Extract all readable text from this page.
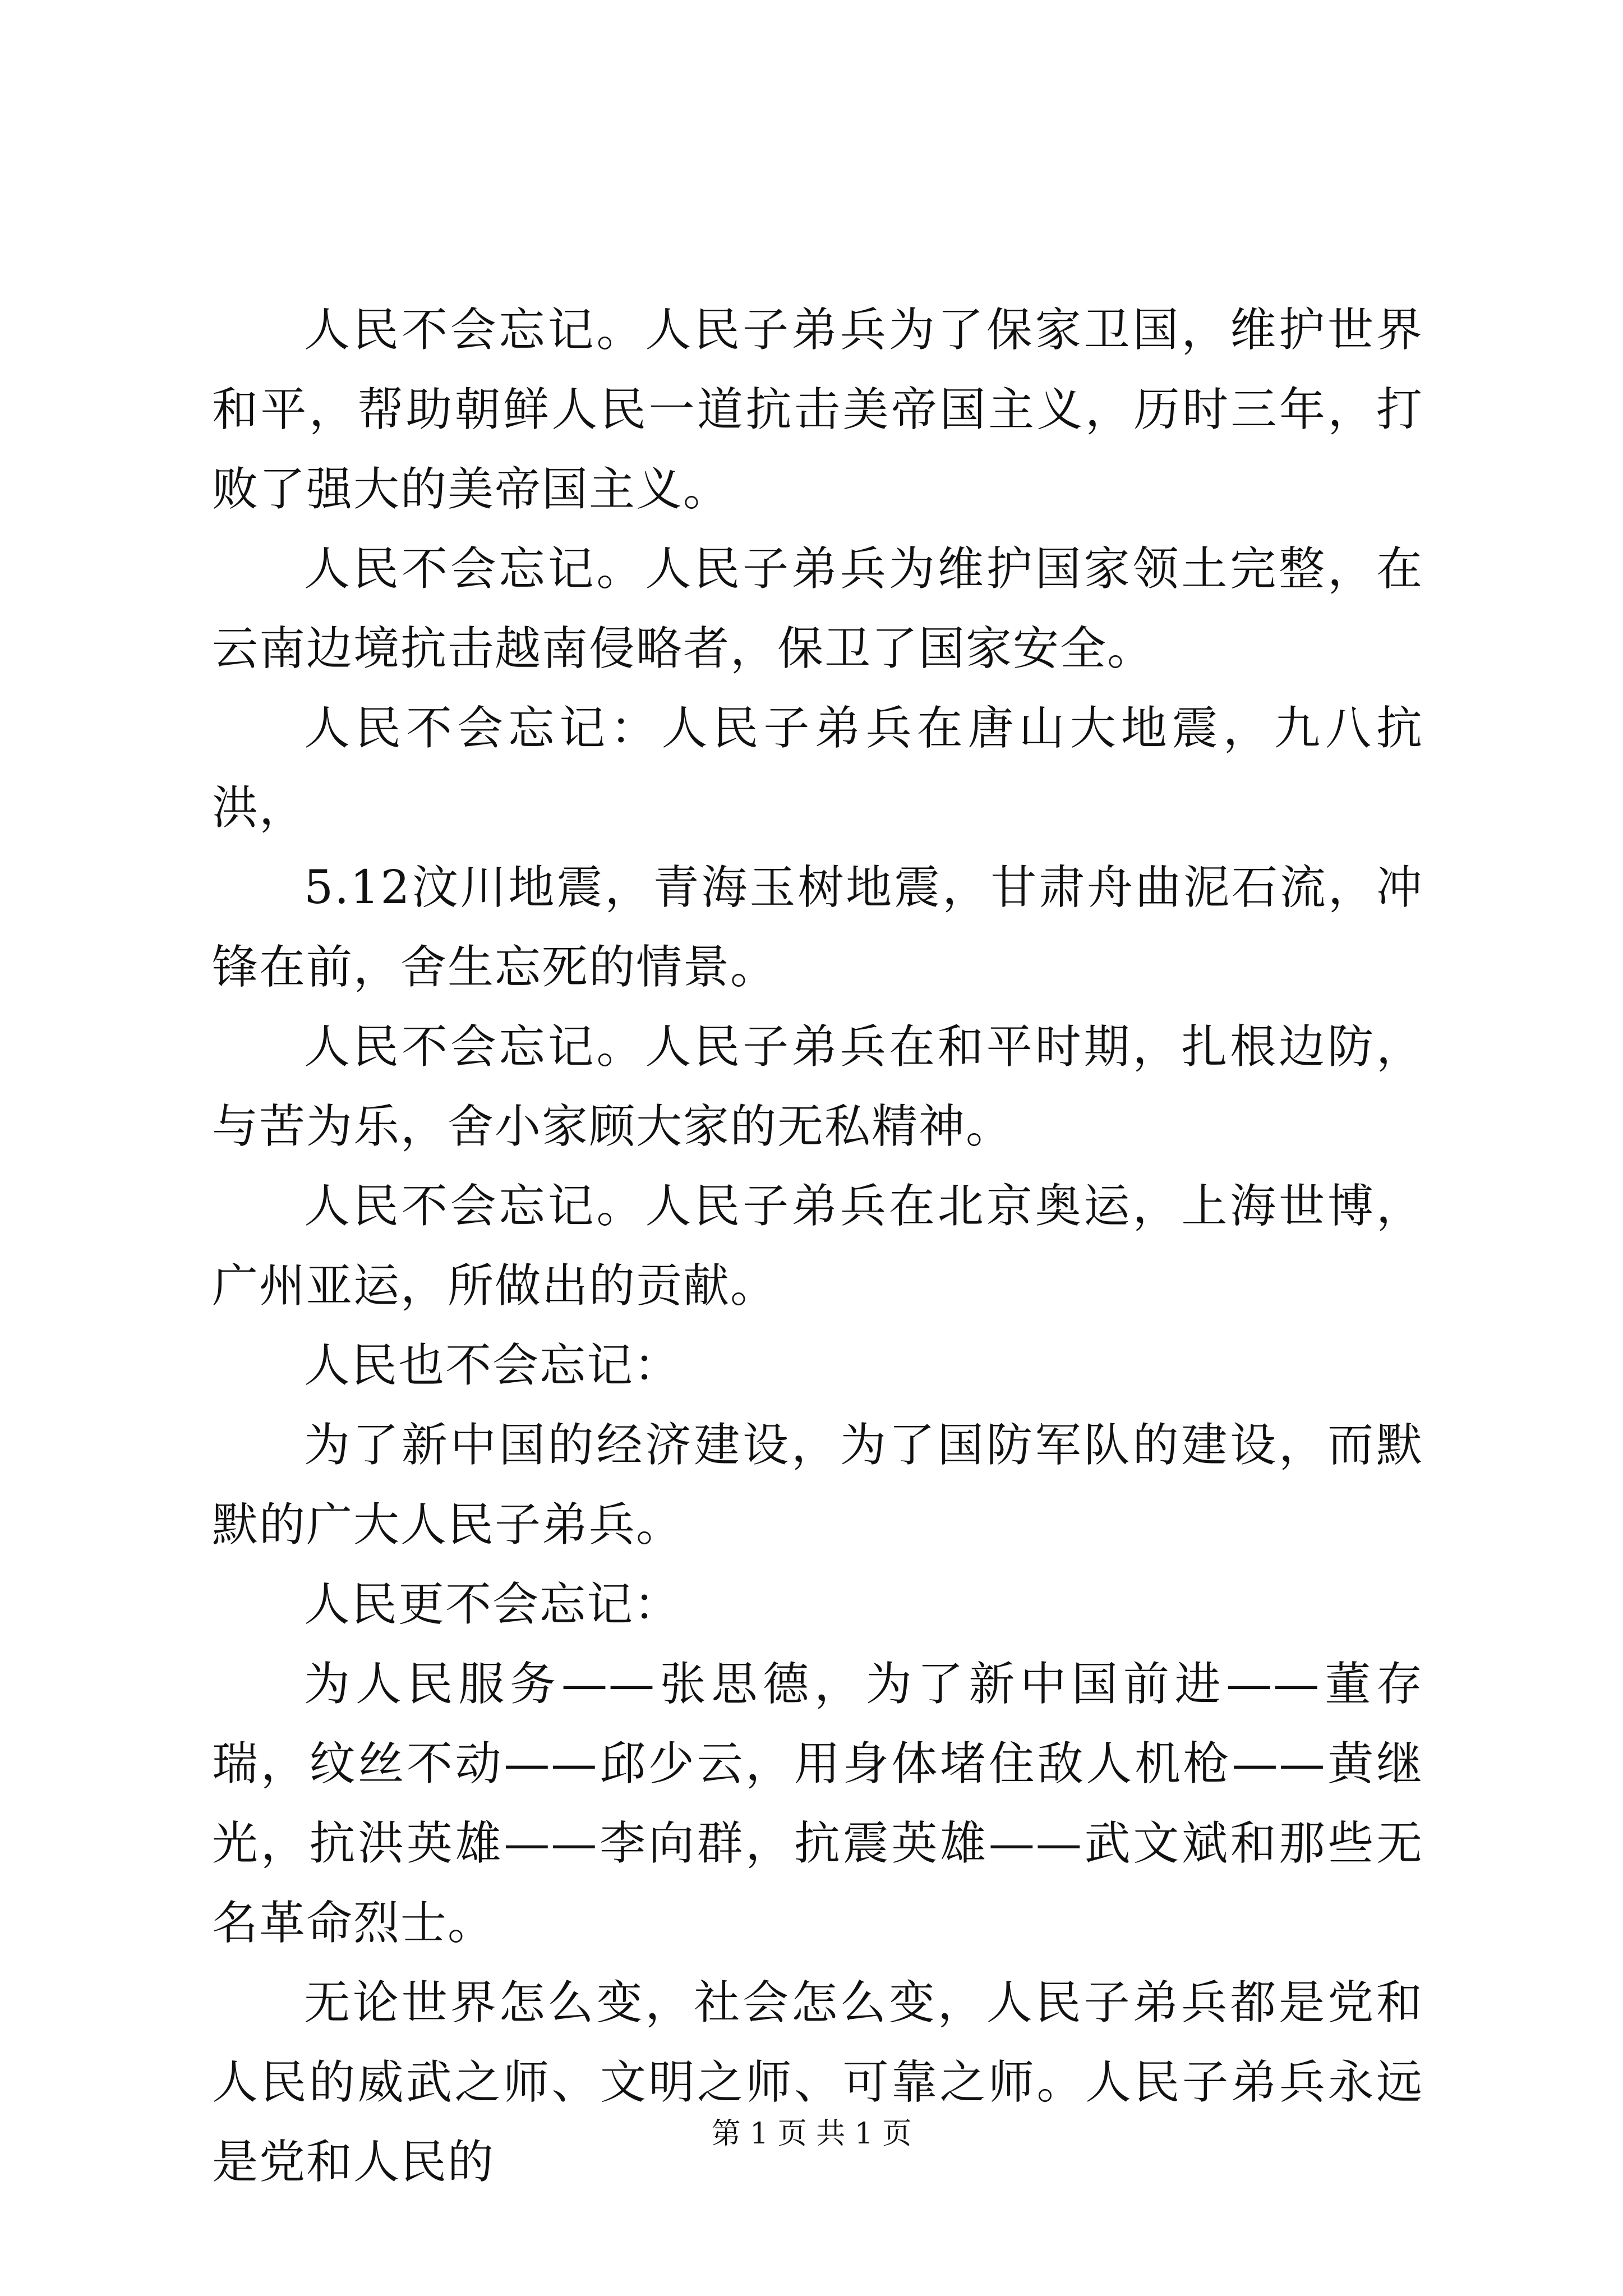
人民不会忘记。人民子弟兵为了保家卫国，维护世界和平，帮助朝鲜人民一道抗击美帝国主义，历时三年，打败了强大的美帝国主义。

人民不会忘记。人民子弟兵为维护国家领土完整，在云南边境抗击越南侵略者，保卫了国家安全。

人民不会忘记：人民子弟兵在唐山大地震，九八抗洪，

5.12汶川地震，青海玉树地震，甘肃舟曲泥石流，冲锋在前，舍生忘死的情景。

人民不会忘记。人民子弟兵在和平时期，扎根边防，与苦为乐，舍小家顾大家的无私精神。

人民不会忘记。人民子弟兵在北京奥运，上海世博，广州亚运，所做出的贡献。

人民也不会忘记：

为了新中国的经济建设，为了国防军队的建设，而默默的广大人民子弟兵。

人民更不会忘记：

为人民服务——张思德，为了新中国前进——董存瑞，纹丝不动——邱少云，用身体堵住敌人机枪——黄继光，抗洪英雄——李向群，抗震英雄——武文斌和那些无名革命烈士。

无论世界怎么变，社会怎么变，人民子弟兵都是党和人民的威武之师、文明之师、可靠之师。人民子弟兵永远是党和人民的

第 1 页 共 1 页
